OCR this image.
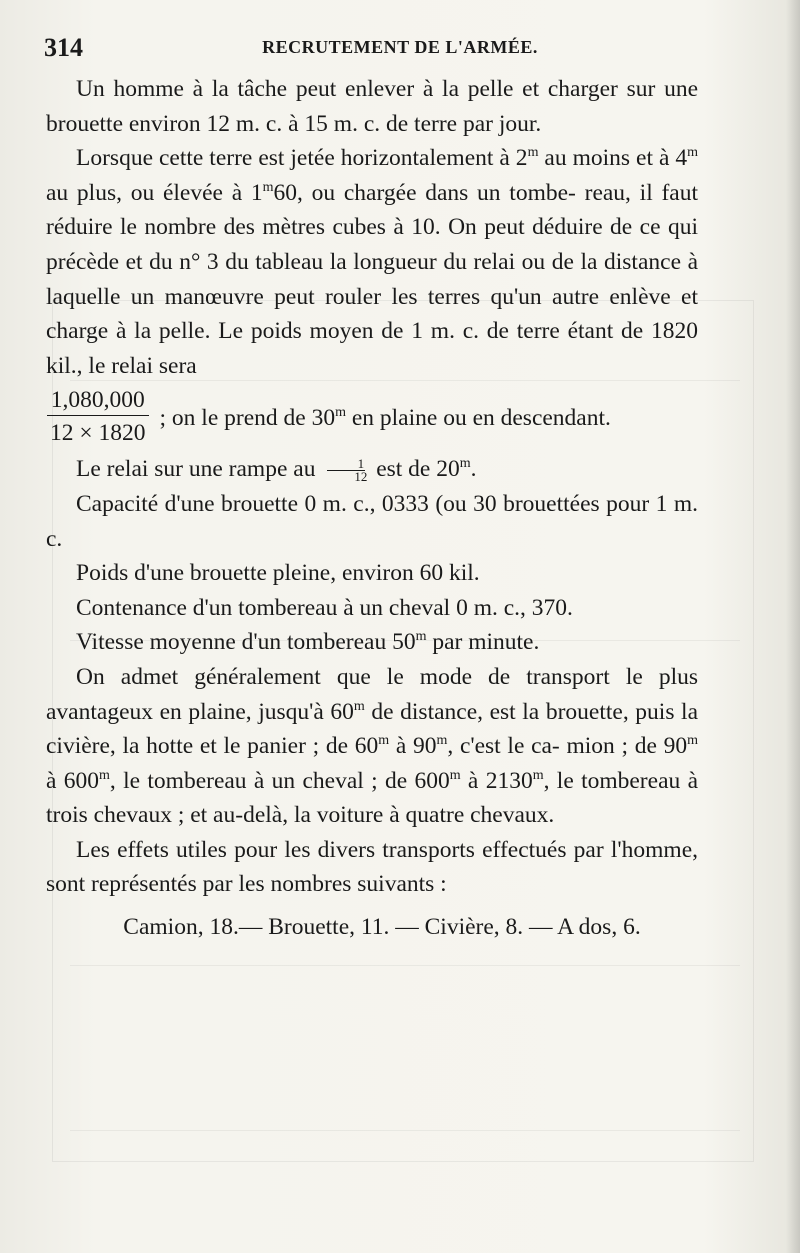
314	RECRUTEMENT DE L'ARMÉE.

Un homme à la tâche peut enlever à la pelle et charger sur une brouette environ 12 m. c. à 15 m. c. de terre par jour.

Lorsque cette terre est jetée horizontalement à 2$^m$ au moins et à 4$^m$ au plus, ou élevée à 1$^m$60, ou chargée dans un tombe- reau, il faut réduire le nombre des mètres cubes à 10. On peut déduire de ce qui précède et du n° 3 du tableau la longueur du relai ou de la distance à laquelle un manœuvre peut rouler les terres qu'un autre enlève et charge à la pelle. Le poids moyen de 1 m. c. de terre étant de 1820 kil., le relai sera

$\frac{1,080,000}{12 \times 1820}$ ; on le prend de 30$^m$ en plaine ou en descendant.

Le relai sur une rampe au $\frac{1}{12}$ est de 20$^m$.

Capacité d'une brouette 0 m. c., 0333 (ou 30 brouettées pour 1 m. c.

Poids d'une brouette pleine, environ 60 kil.

Contenance d'un tombereau à un cheval 0 m. c., 370.

Vitesse moyenne d'un tombereau 50$^m$ par minute.

On admet généralement que le mode de transport le plus avantageux en plaine, jusqu'à 60$^m$ de distance, est la brouette, puis la civière, la hotte et le panier ; de 60$^m$ à 90$^m$, c'est le ca- mion ; de 90$^m$ à 600$^m$, le tombereau à un cheval ; de 600$^m$ à 2130$^m$, le tombereau à trois chevaux ; et au-delà, la voiture à quatre chevaux.

Les effets utiles pour les divers transports effectués par l'homme, sont représentés par les nombres suivants :

Camion, 18.— Brouette, 11. — Civière, 8. — A dos, 6.
